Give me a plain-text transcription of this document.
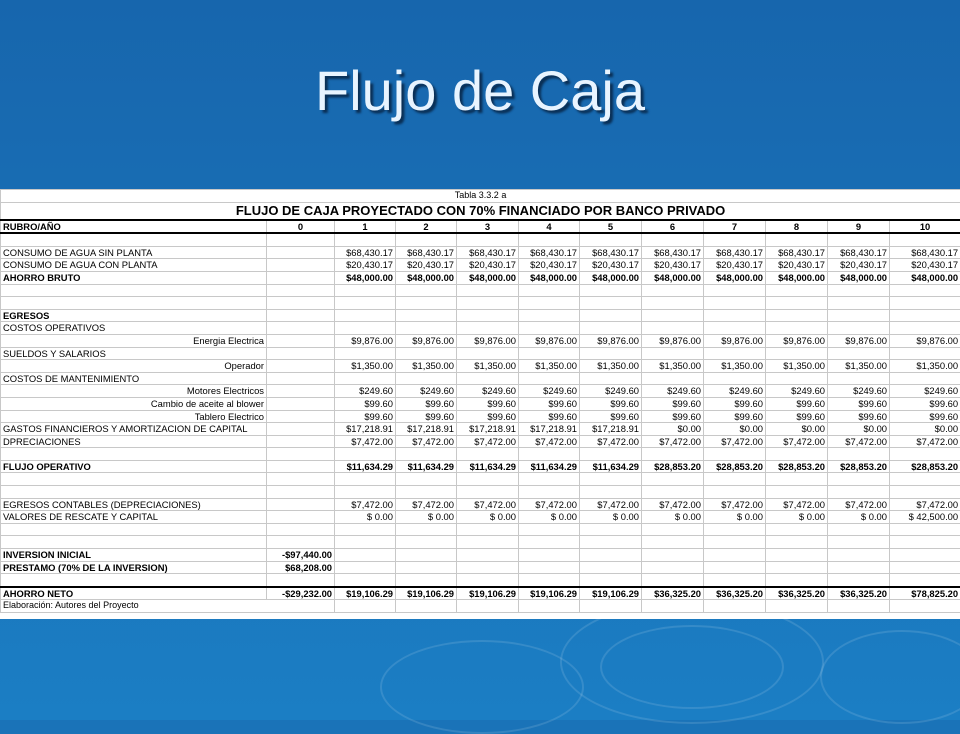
Flujo de Caja
Tabla 3.3.2 a											
FLUJO DE CAJA PROYECTADO CON 70% FINANCIADO POR BANCO PRIVADO											
RUBRO/AÑO	0	1	2	3	4	5	6	7	8	9	10

CONSUMO DE AGUA SIN PLANTA		$68,430.17	$68,430.17	$68,430.17	$68,430.17	$68,430.17	$68,430.17	$68,430.17	$68,430.17	$68,430.17	$68,430.17
CONSUMO DE AGUA CON PLANTA		$20,430.17	$20,430.17	$20,430.17	$20,430.17	$20,430.17	$20,430.17	$20,430.17	$20,430.17	$20,430.17	$20,430.17
AHORRO BRUTO		$48,000.00	$48,000.00	$48,000.00	$48,000.00	$48,000.00	$48,000.00	$48,000.00	$48,000.00	$48,000.00	$48,000.00

EGRESOS											
COSTOS OPERATIVOS											
Energia Electrica		$9,876.00	$9,876.00	$9,876.00	$9,876.00	$9,876.00	$9,876.00	$9,876.00	$9,876.00	$9,876.00	$9,876.00
SUELDOS Y SALARIOS											
Operador		$1,350.00	$1,350.00	$1,350.00	$1,350.00	$1,350.00	$1,350.00	$1,350.00	$1,350.00	$1,350.00	$1,350.00
COSTOS DE MANTENIMIENTO											
Motores Electricos		$249.60	$249.60	$249.60	$249.60	$249.60	$249.60	$249.60	$249.60	$249.60	$249.60
Cambio de aceite al blower		$99.60	$99.60	$99.60	$99.60	$99.60	$99.60	$99.60	$99.60	$99.60	$99.60
Tablero Electrico		$99.60	$99.60	$99.60	$99.60	$99.60	$99.60	$99.60	$99.60	$99.60	$99.60
GASTOS FINANCIEROS Y AMORTIZACION DE CAPITAL		$17,218.91	$17,218.91	$17,218.91	$17,218.91	$17,218.91	$0.00	$0.00	$0.00	$0.00	$0.00
DPRECIACIONES		$7,472.00	$7,472.00	$7,472.00	$7,472.00	$7,472.00	$7,472.00	$7,472.00	$7,472.00	$7,472.00	$7,472.00

FLUJO OPERATIVO		$11,634.29	$11,634.29	$11,634.29	$11,634.29	$11,634.29	$28,853.20	$28,853.20	$28,853.20	$28,853.20	$28,853.20

EGRESOS CONTABLES (DEPRECIACIONES)		$7,472.00	$7,472.00	$7,472.00	$7,472.00	$7,472.00	$7,472.00	$7,472.00	$7,472.00	$7,472.00	$7,472.00
VALORES DE RESCATE Y CAPITAL		$ 0.00	$ 0.00	$ 0.00	$ 0.00	$ 0.00	$ 0.00	$ 0.00	$ 0.00	$ 0.00	$ 42,500.00

INVERSION INICIAL	-$97,440.00										
PRESTAMO (70% DE LA INVERSION)	$68,208.00										

AHORRO NETO	-$29,232.00	$19,106.29	$19,106.29	$19,106.29	$19,106.29	$19,106.29	$36,325.20	$36,325.20	$36,325.20	$36,325.20	$78,825.20
Elaboración: Autores del Proyecto											
